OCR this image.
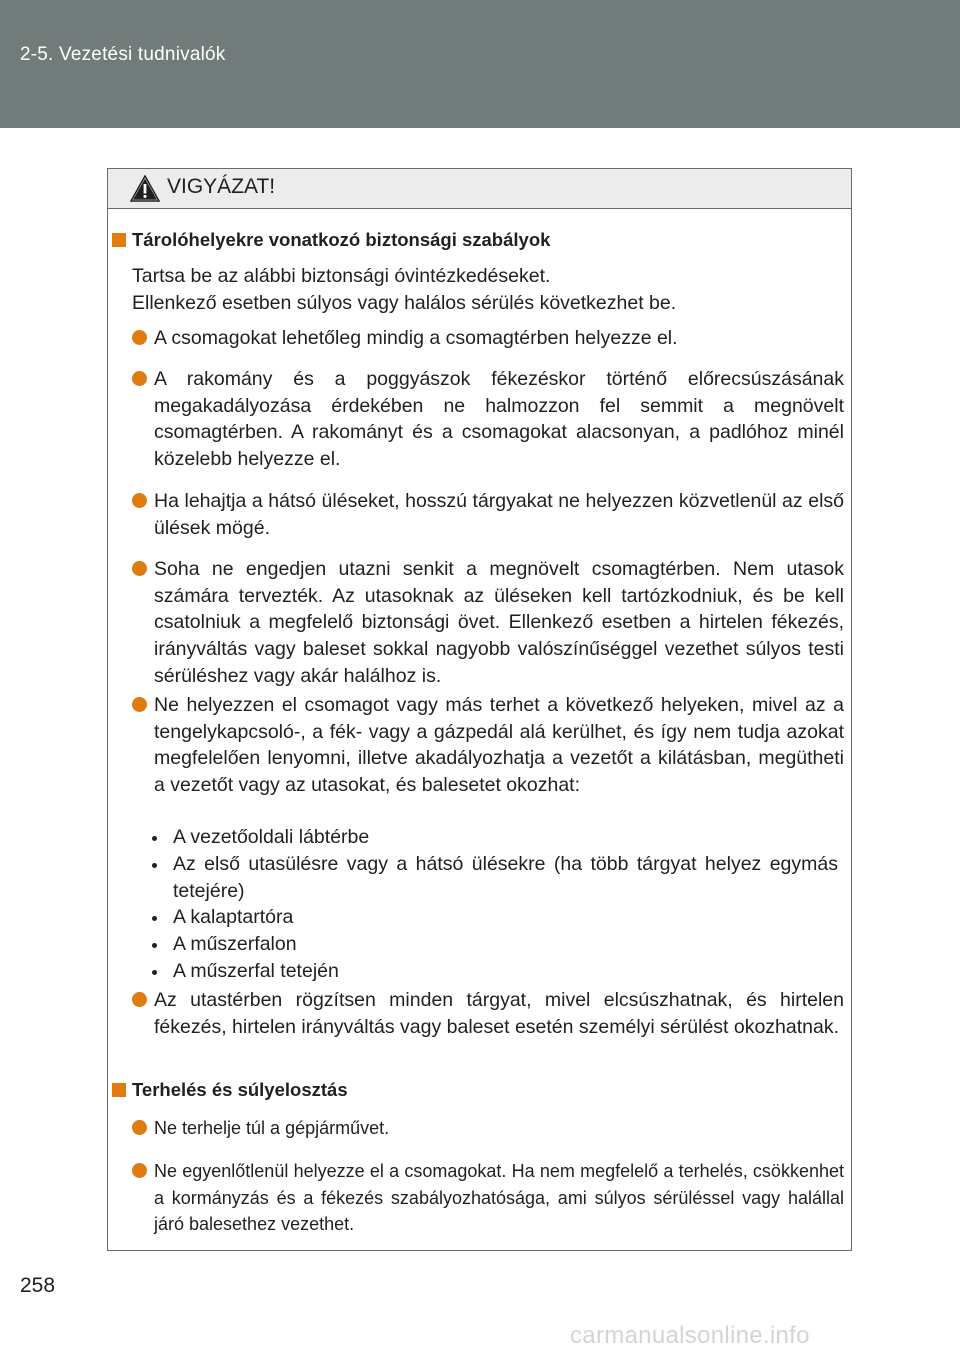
2-5. Vezetési tudnivalók
VIGYÁZAT!
Tárolóhelyekre vonatkozó biztonsági szabályok
Tartsa be az alábbi biztonsági óvintézkedéseket.
Ellenkező esetben súlyos vagy halálos sérülés következhet be.
A csomagokat lehetőleg mindig a csomagtérben helyezze el.
A rakomány és a poggyászok fékezéskor történő előrecsúszásának megakadályozása érdekében ne halmozzon fel semmit a megnövelt csomagtérben. A rakományt és a csomagokat alacsonyan, a padlóhoz minél közelebb helyezze el.
Ha lehajtja a hátsó üléseket, hosszú tárgyakat ne helyezzen közvetlenül az első ülések mögé.
Soha ne engedjen utazni senkit a megnövelt csomagtérben. Nem utasok számára tervezték. Az utasoknak az üléseken kell tartózkodniuk, és be kell csatolniuk a megfelelő biztonsági övet. Ellenkező esetben a hirtelen fékezés, irányváltás vagy baleset sokkal nagyobb valószínűséggel vezethet súlyos testi sérüléshez vagy akár halálhoz is.
Ne helyezzen el csomagot vagy más terhet a következő helyeken, mivel az a tengelykapcsoló-, a fék- vagy a gázpedál alá kerülhet, és így nem tudja azokat megfelelően lenyomni, illetve akadályozhatja a vezetőt a kilátásban, megütheti a vezetőt vagy az utasokat, és balesetet okozhat:
A vezetőoldali lábtérbe
Az első utasülésre vagy a hátsó ülésekre (ha több tárgyat helyez egymás tetejére)
A kalaptartóra
A műszerfalon
A műszerfal tetején
Az utastérben rögzítsen minden tárgyat, mivel elcsúszhatnak, és hirtelen fékezés, hirtelen irányváltás vagy baleset esetén személyi sérülést okozhatnak.
Terhelés és súlyelosztás
Ne terhelje túl a gépjárművet.
Ne egyenlőtlenül helyezze el a csomagokat. Ha nem megfelelő a terhelés, csökkenhet a kormányzás és a fékezés szabályozhatósága, ami súlyos sérüléssel vagy halállal járó balesethez vezethet.
258
carmanualsonline.info
